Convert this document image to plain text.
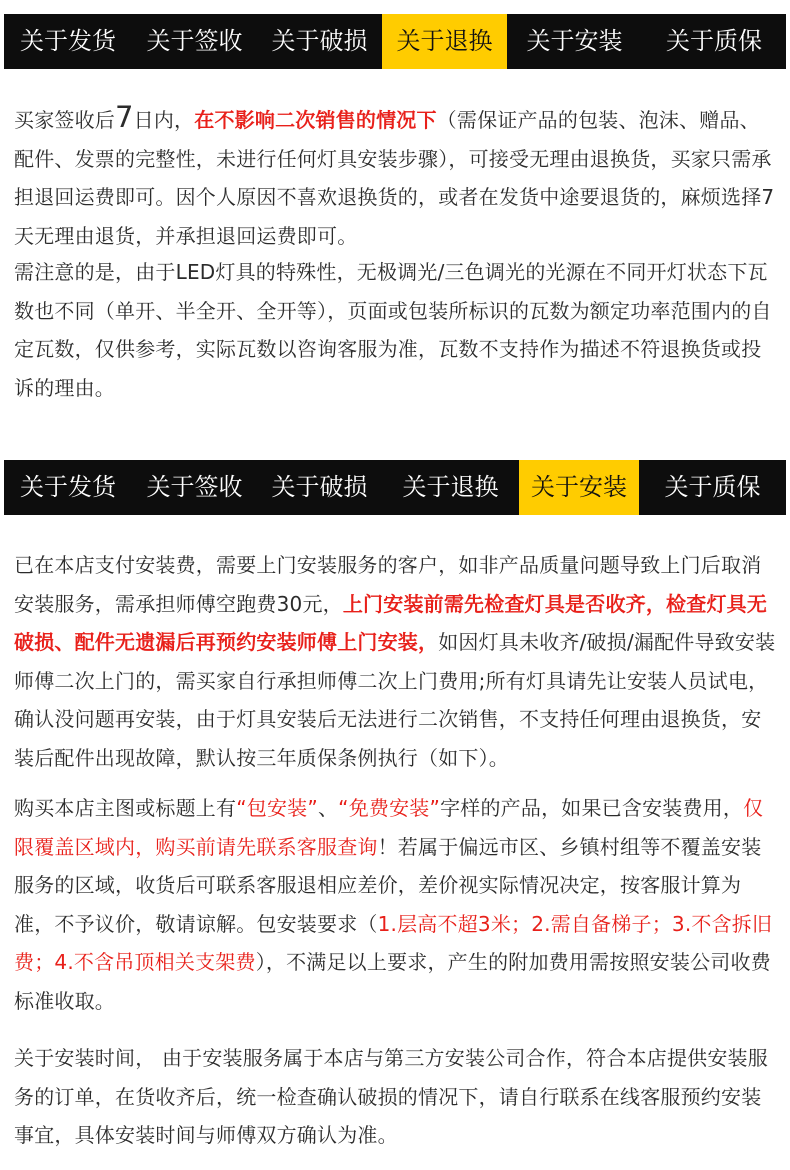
关于发货	关于签收	关于破损	关于退换	关于安装	关于质保

买家签收后7日内，在不影响二次销售的情况下（需保证产品的包装、泡沫、赠品、配件、发票的完整性，未进行任何灯具安装步骤），可接受无理由退换货，买家只需承担退回运费即可。因个人原因不喜欢退换货的，或者在发货中途要退货的，麻烦选择7天无理由退货，并承担退回运费即可。

需注意的是，由于LED灯具的特殊性，无极调光/三色调光的光源在不同开灯状态下瓦数也不同（单开、半全开、全开等），页面或包装所标识的瓦数为额定功率范围内的自定瓦数，仅供参考，实际瓦数以咨询客服为准，瓦数不支持作为描述不符退换货或投诉的理由。

关于发货	关于签收	关于破损	关于退换	关于安装	关于质保

已在本店支付安装费，需要上门安装服务的客户，如非产品质量问题导致上门后取消安装服务，需承担师傅空跑费30元，上门安装前需先检查灯具是否收齐，检查灯具无破损、配件无遗漏后再预约安装师傅上门安装，如因灯具未收齐/破损/漏配件导致安装师傅二次上门的，需买家自行承担师傅二次上门费用;所有灯具请先让安装人员试电，确认没问题再安装，由于灯具安装后无法进行二次销售，不支持任何理由退换货，安装后配件出现故障，默认按三年质保条例执行（如下）。

购买本店主图或标题上有“包安装”、“免费安装”字样的产品，如果已含安装费用，仅限覆盖区域内，购买前请先联系客服查询！若属于偏远市区、乡镇村组等不覆盖安装服务的区域，收货后可联系客服退相应差价，差价视实际情况决定，按客服计算为准，不予议价，敬请谅解。包安装要求（1.层高不超3米；2.需自备梯子；3.不含拆旧费；4.不含吊顶相关支架费），不满足以上要求，产生的附加费用需按照安装公司收费标准收取。

关于安装时间， 由于安装服务属于本店与第三方安装公司合作，符合本店提供安装服务的订单，在货收齐后，统一检查确认破损的情况下，请自行联系在线客服预约安装事宜，具体安装时间与师傅双方确认为准。
